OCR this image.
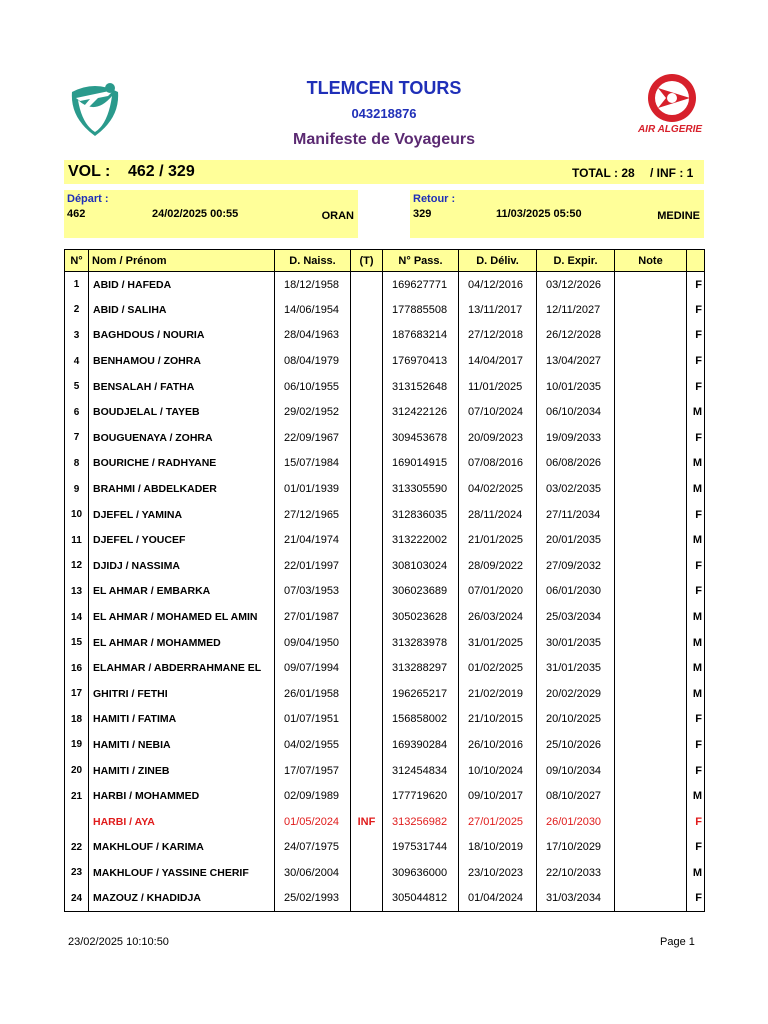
AIR ALGERIE
TLEMCEN TOURS
043218876
Manifeste de Voyageurs
VOL : 462 / 329	TOTAL : 28 / INF : 1
Départ :
462	24/02/2025 00:55	ORAN
Retour :
329	11/03/2025 05:50	MEDINE
N°	Nom / Prénom	D. Naiss.	(T)	N° Pass.	D. Déliv.	D. Expir.	Note	
1	ABID / HAFEDA	18/12/1958		169627771	04/12/2016	03/12/2026		F
2	ABID / SALIHA	14/06/1954		177885508	13/11/2017	12/11/2027		F
3	BAGHDOUS / NOURIA	28/04/1963		187683214	27/12/2018	26/12/2028		F
4	BENHAMOU / ZOHRA	08/04/1979		176970413	14/04/2017	13/04/2027		F
5	BENSALAH / FATHA	06/10/1955		313152648	11/01/2025	10/01/2035		F
6	BOUDJELAL / TAYEB	29/02/1952		312422126	07/10/2024	06/10/2034		M
7	BOUGUENAYA / ZOHRA	22/09/1967		309453678	20/09/2023	19/09/2033		F
8	BOURICHE / RADHYANE	15/07/1984		169014915	07/08/2016	06/08/2026		M
9	BRAHMI / ABDELKADER	01/01/1939		313305590	04/02/2025	03/02/2035		M
10	DJEFEL / YAMINA	27/12/1965		312836035	28/11/2024	27/11/2034		F
11	DJEFEL / YOUCEF	21/04/1974		313222002	21/01/2025	20/01/2035		M
12	DJIDJ / NASSIMA	22/01/1997		308103024	28/09/2022	27/09/2032		F
13	EL AHMAR / EMBARKA	07/03/1953		306023689	07/01/2020	06/01/2030		F
14	EL AHMAR / MOHAMED EL AMIN	27/01/1987		305023628	26/03/2024	25/03/2034		M
15	EL AHMAR / MOHAMMED	09/04/1950		313283978	31/01/2025	30/01/2035		M
16	ELAHMAR / ABDERRAHMANE EL	09/07/1994		313288297	01/02/2025	31/01/2035		M
17	GHITRI / FETHI	26/01/1958		196265217	21/02/2019	20/02/2029		M
18	HAMITI / FATIMA	01/07/1951		156858002	21/10/2015	20/10/2025		F
19	HAMITI / NEBIA	04/02/1955		169390284	26/10/2016	25/10/2026		F
20	HAMITI / ZINEB	17/07/1957		312454834	10/10/2024	09/10/2034		F
21	HARBI / MOHAMMED	02/09/1989		177719620	09/10/2017	08/10/2027		M
	HARBI / AYA	01/05/2024	INF	313256982	27/01/2025	26/01/2030		F
22	MAKHLOUF / KARIMA	24/07/1975		197531744	18/10/2019	17/10/2029		F
23	MAKHLOUF / YASSINE CHERIF	30/06/2004		309636000	23/10/2023	22/10/2033		M
24	MAZOUZ / KHADIDJA	25/02/1993		305044812	01/04/2024	31/03/2034		F
23/02/2025 10:10:50	Page 1
